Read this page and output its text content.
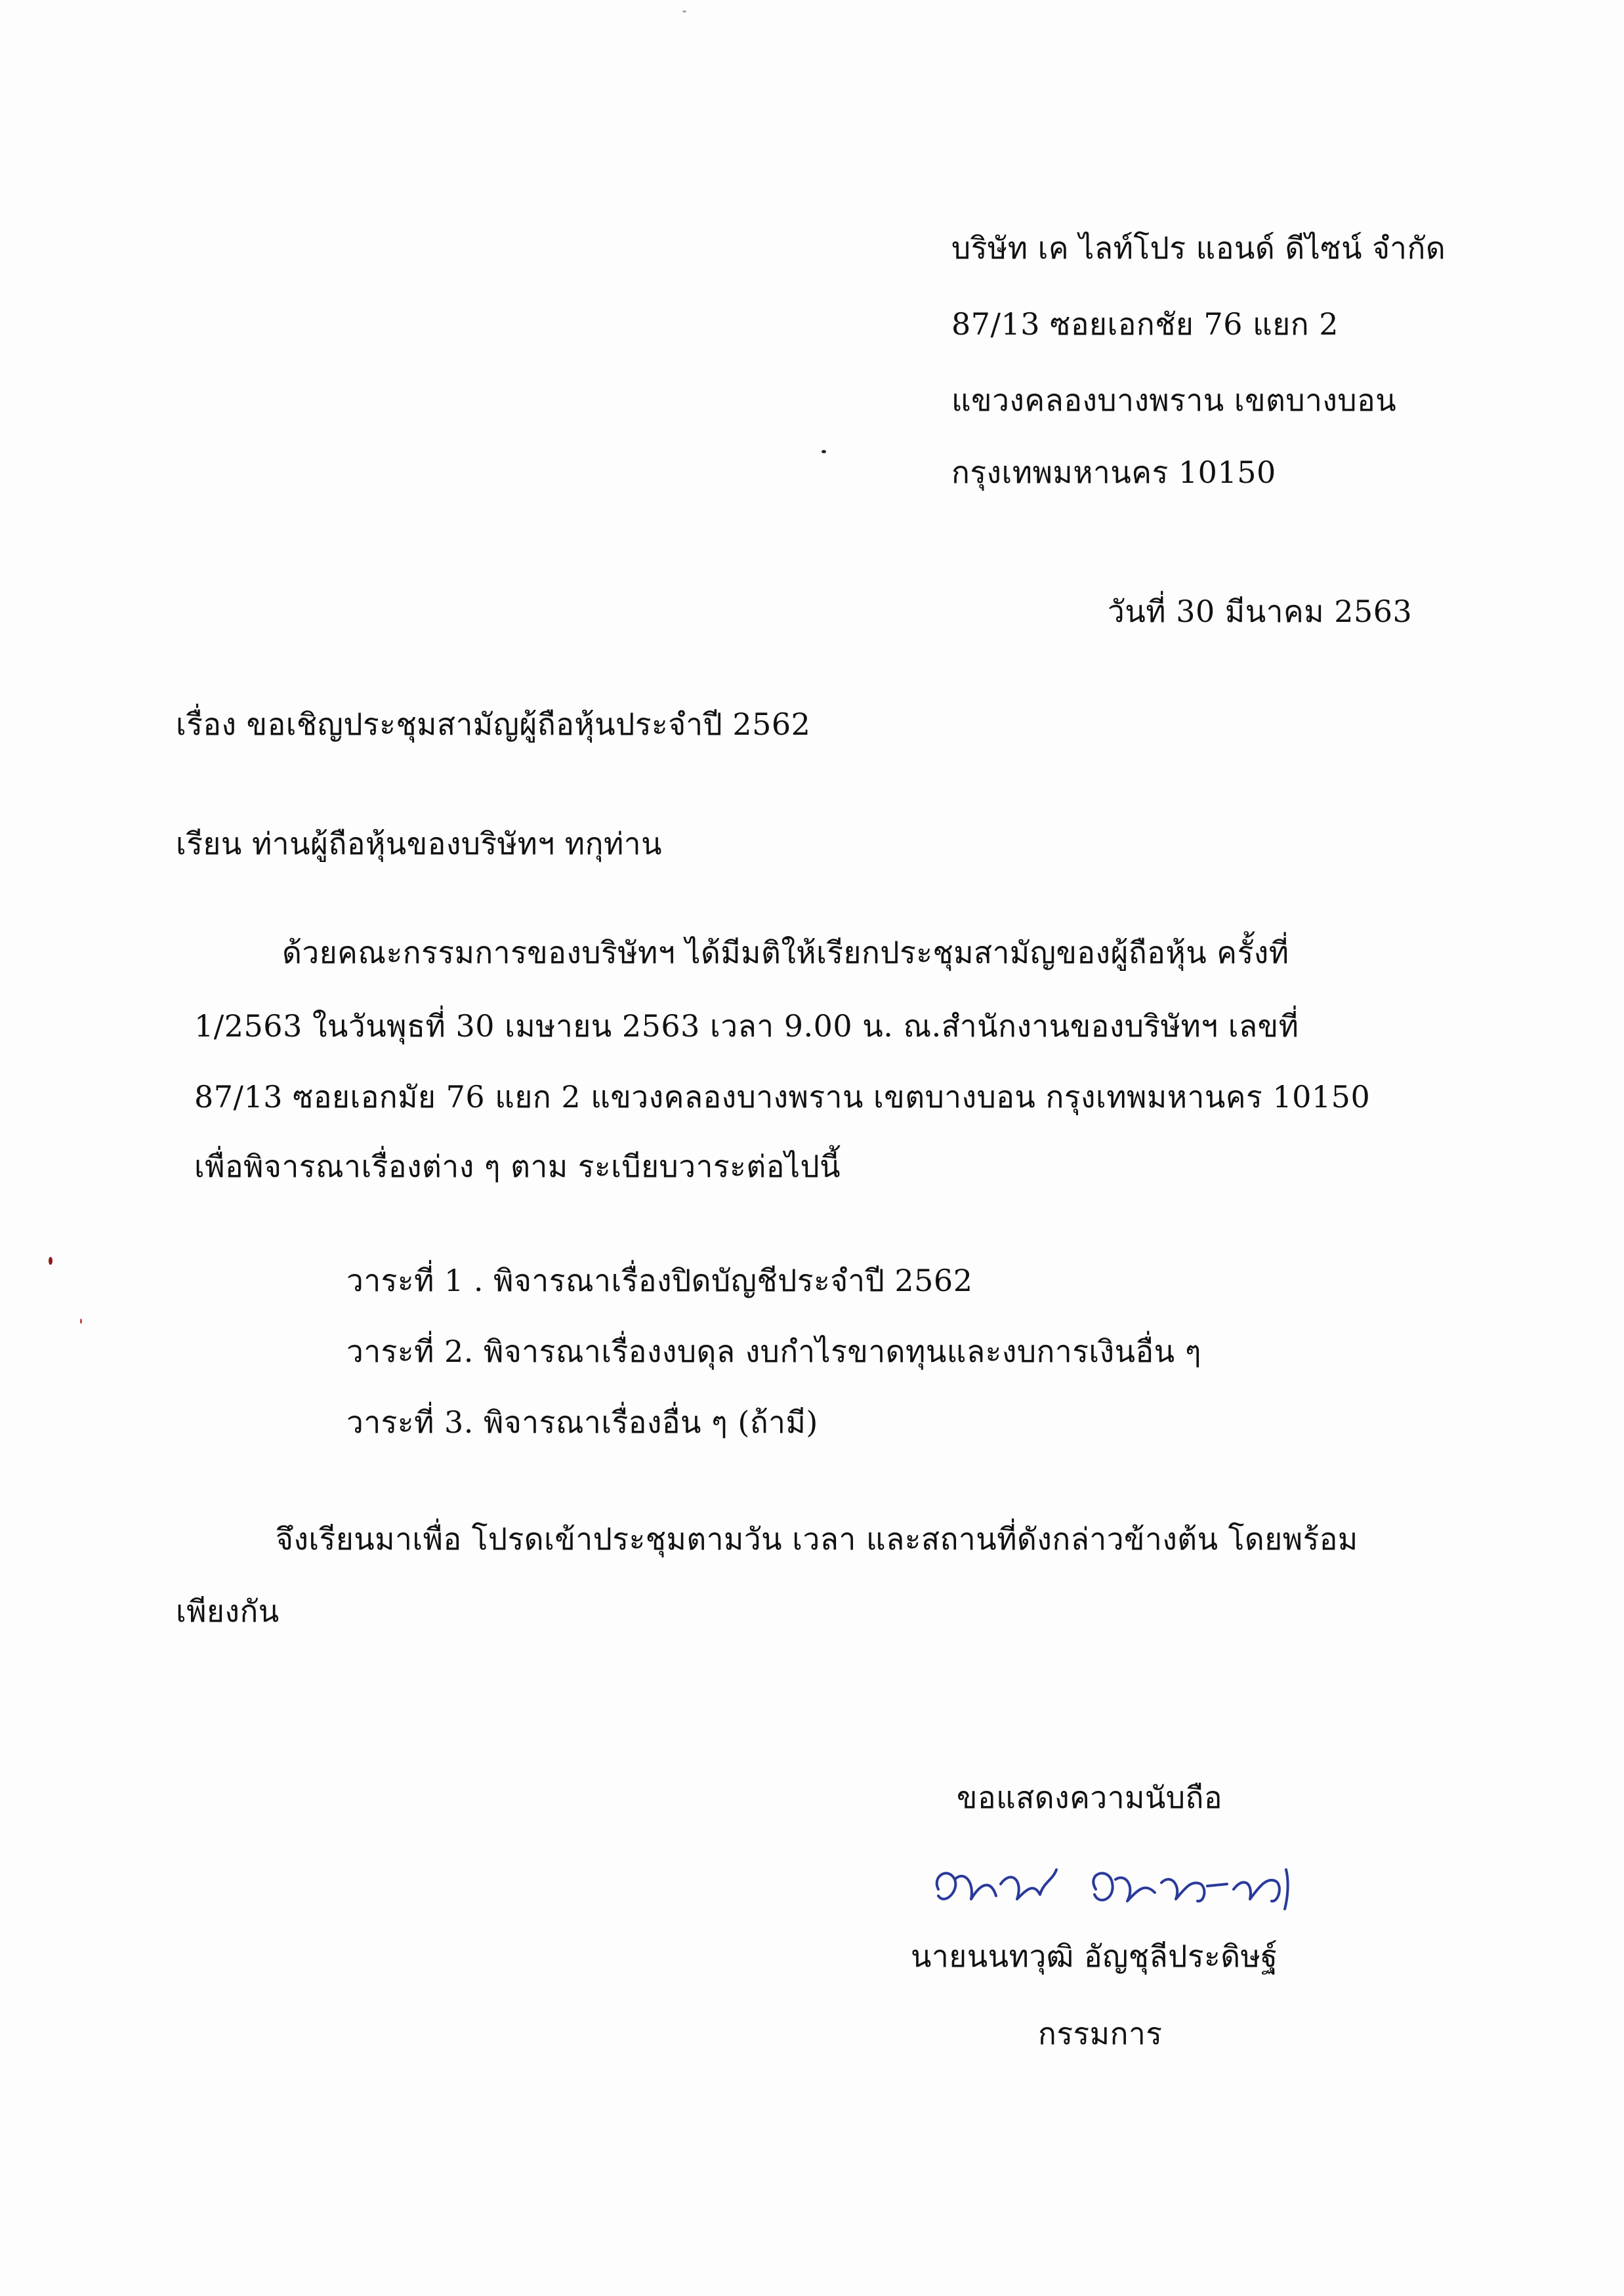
บริษัท เค ไลท์โปร แอนด์ ดีไซน์ จำกัด
87/13 ซอยเอกชัย 76 แยก 2
แขวงคลองบางพราน เขตบางบอน
กรุงเทพมหานคร 10150
วันที่ 30 มีนาคม 2563
เรื่อง ขอเชิญประชุมสามัญผู้ถือหุ้นประจำปี 2562
เรียน ท่านผู้ถือหุ้นของบริษัทฯ ทกุท่าน
ด้วยคณะกรรมการของบริษัทฯ ได้มีมติให้เรียกประชุมสามัญของผู้ถือหุ้น ครั้งที่
1/2563 ในวันพุธที่ 30 เมษายน 2563 เวลา 9.00 น. ณ.สำนักงานของบริษัทฯ เลขที่
87/13 ซอยเอกมัย 76 แยก 2 แขวงคลองบางพราน เขตบางบอน กรุงเทพมหานคร 10150
เพื่อพิจารณาเรื่องต่าง ๆ ตาม ระเบียบวาระต่อไปนี้
วาระที่ 1 . พิจารณาเรื่องปิดบัญชีประจำปี 2562
วาระที่ 2. พิจารณาเรื่องงบดุล งบกำไรขาดทุนและงบการเงินอื่น ๆ
วาระที่ 3. พิจารณาเรื่องอื่น ๆ (ถ้ามี)
จึงเรียนมาเพื่อ โปรดเข้าประชุมตามวัน เวลา และสถานที่ดังกล่าวข้างต้น โดยพร้อม
เพียงกัน
ขอแสดงความนับถือ
นายนนทวุฒิ อัญชุลีประดิษฐ์
กรรมการ
